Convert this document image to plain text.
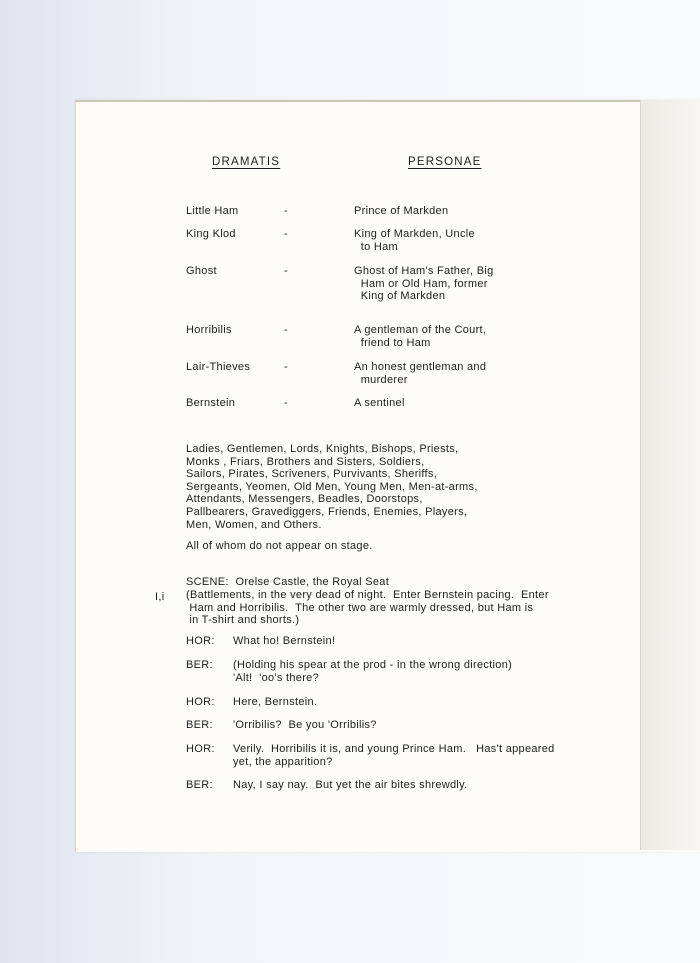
DRAMATIS	PERSONAE
Little Ham	-	Prince of Markden
King Klod	-	King of Markden, Uncle
to Ham
Ghost	-	Ghost of Ham's Father, Big
Ham or Old Ham, former
King of Markden
Horribilis	-	A gentleman of the Court,
friend to Ham
Lair-Thieves	-	An honest gentleman and
murderer
Bernstein	-	A sentinel
Ladies, Gentlemen, Lords, Knights, Bishops, Priests,
Monks , Friars, Brothers and Sisters, Soldiers,
Sailors, Pirates, Scriveners, Purvivants, Sheriffs,
Sergeants, Yeomen, Old Men, Young Men, Men-at-arms,
Attendants, Messengers, Beadles, Doorstops,
Pallbearers, Gravediggers, Friends, Enemies, Players,
Men, Women, and Others.
All of whom do not appear on stage.
I,i
SCENE:  Orelse Castle, the Royal Seat
(Battlements, in the very dead of night.  Enter Bernstein pacing.  Enter
Ham and Horribilis.  The other two are warmly dressed, but Ham is
in T-shirt and shorts.)
HOR: What ho! Bernstein!
BER: (Holding his spear at the prod - in the wrong direction)
'Alt!  'oo's there?
HOR: Here, Bernstein.
BER: 'Orribilis?  Be you 'Orribilis?
HOR: Verily.  Horribilis it is, and young Prince Ham.   Has't appeared
yet, the apparition?
BER: Nay, I say nay.  But yet the air bites shrewdly.
